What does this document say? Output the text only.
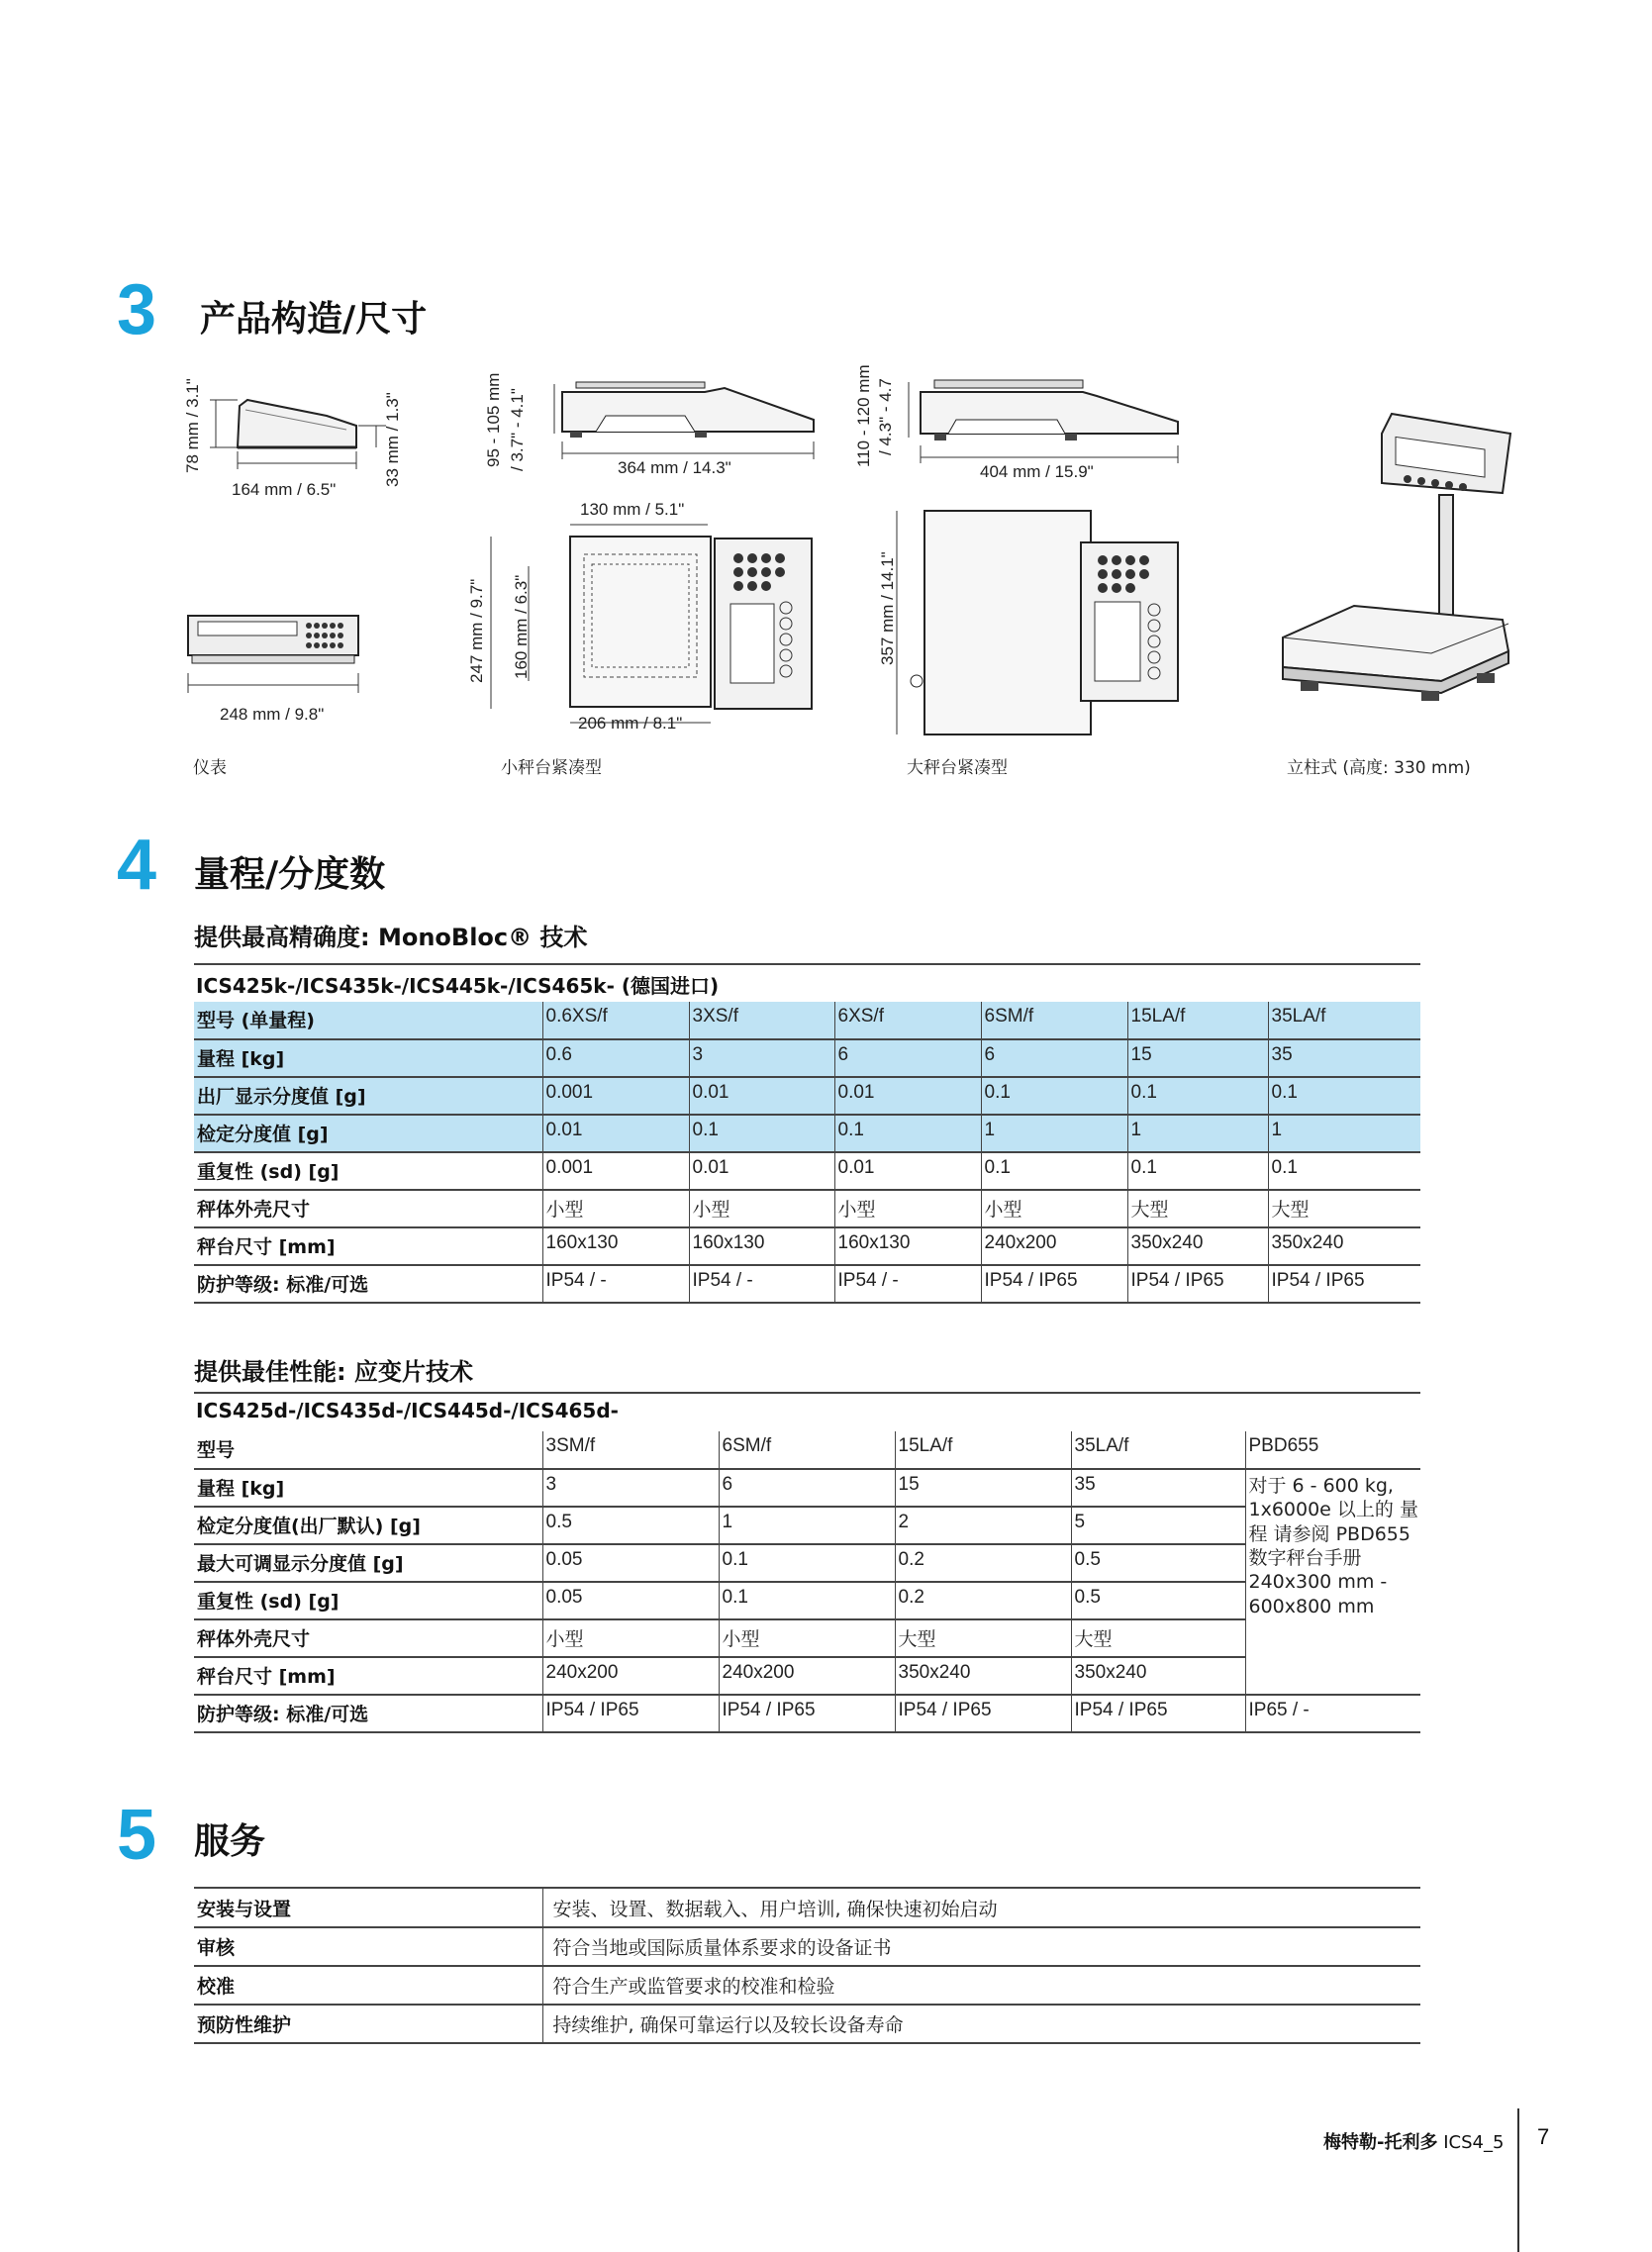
3 产品构造/尺寸
78 mm / 3.1"	33 mm / 1.3"
164 mm / 6.5"
248 mm / 9.8"
95 - 105 mm / 3.7" - 4.1"	364 mm / 14.3"
130 mm / 5.1"
247 mm / 9.7" 160 mm / 6.3"
206 mm / 8.1"
110 - 120 mm / 4.3" - 4.7
404 mm / 15.9"
357 mm / 14.1"
仪表	小秤台紧凑型	大秤台紧凑型	立柱式 (高度: 330 mm)
4 量程/分度数
提供最高精确度: MonoBloc® 技术
ICS425k-/ICS435k-/ICS445k-/ICS465k- (德国进口)
型号 (单量程)	0.6XS/f	3XS/f	6XS/f	6SM/f	15LA/f	35LA/f
量程 [kg]	0.6	3	6	6	15	35
出厂显示分度值 [g]	0.001	0.01	0.01	0.1	0.1	0.1
检定分度值 [g]	0.01	0.1	0.1	1	1	1
重复性 (sd) [g]	0.001	0.01	0.01	0.1	0.1	0.1
秤体外壳尺寸	小型	小型	小型	小型	大型	大型
秤台尺寸 [mm]	160x130	160x130	160x130	240x200	350x240	350x240
防护等级: 标准/可选	IP54 / -	IP54 / -	IP54 / -	IP54 / IP65	IP54 / IP65	IP54 / IP65
提供最佳性能: 应变片技术
ICS425d-/ICS435d-/ICS445d-/ICS465d-
型号	3SM/f	6SM/f	15LA/f	35LA/f	PBD655
量程 [kg]	3	6	15	35	对于 6 - 600 kg, 1x6000e 以上的 量程 请参阅 PBD655 数字秤台手册 240x300 mm - 600x800 mm
检定分度值(出厂默认) [g]	0.5	1	2	5	
最大可调显示分度值 [g]	0.05	0.1	0.2	0.5	
重复性 (sd) [g]	0.05	0.1	0.2	0.5	
秤体外壳尺寸	小型	小型	大型	大型	
秤台尺寸 [mm]	240x200	240x200	350x240	350x240	
防护等级: 标准/可选	IP54 / IP65	IP54 / IP65	IP54 / IP65	IP54 / IP65	IP65 / -
5 服务
安装与设置	安装、设置、数据载入、用户培训, 确保快速初始启动
审核	符合当地或国际质量体系要求的设备证书
校准	符合生产或监管要求的校准和检验
预防性维护	持续维护, 确保可靠运行以及较长设备寿命
梅特勒-托利多 ICS4_5 7
